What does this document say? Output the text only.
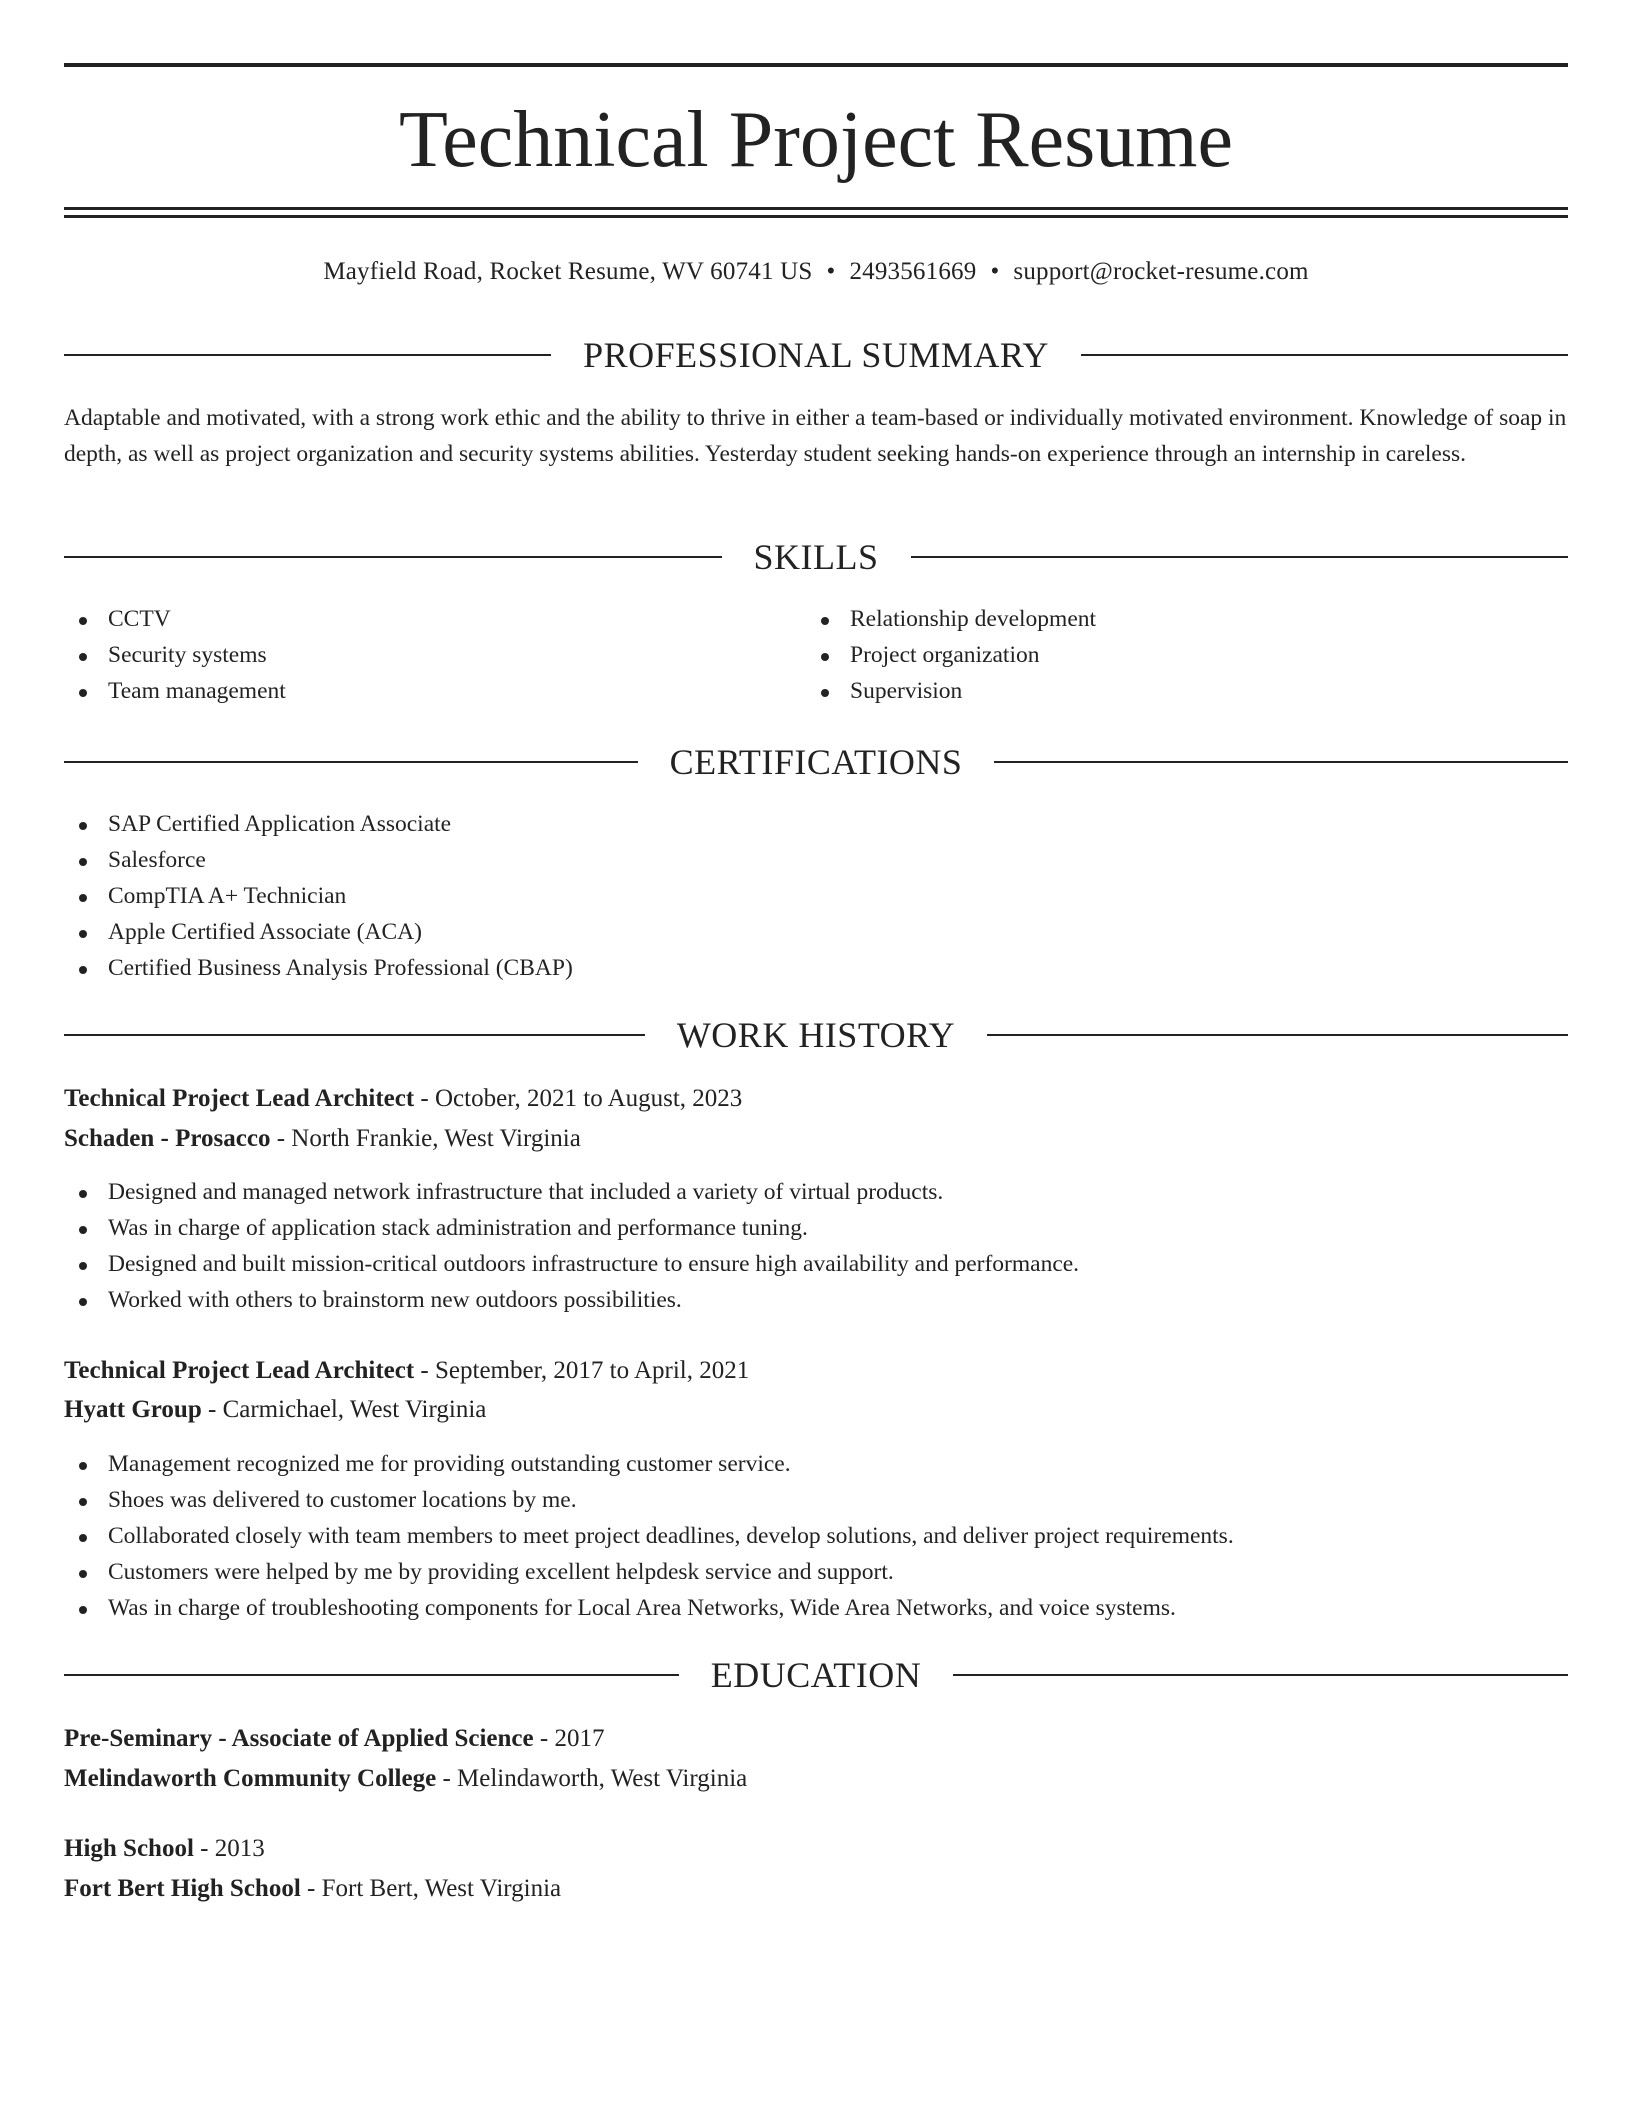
Technical Project Resume
Mayfield Road, Rocket Resume, WV 60741 US • 2493561669 • support@rocket-resume.com
PROFESSIONAL SUMMARY

Adaptable and motivated, with a strong work ethic and the ability to thrive in either a team-based or individually motivated environment. Knowledge of soap in depth, as well as project organization and security systems abilities. Yesterday student seeking hands-on experience through an internship in careless.

SKILLS
CCTV
Security systems
Team management
Relationship development
Project organization
Supervision
CERTIFICATIONS
SAP Certified Application Associate
Salesforce
CompTIA A+ Technician
Apple Certified Associate (ACA)
Certified Business Analysis Professional (CBAP)
WORK HISTORY
Technical Project Lead Architect - October, 2021 to August, 2023
Schaden - Prosacco - North Frankie, West Virginia
Designed and managed network infrastructure that included a variety of virtual products.
Was in charge of application stack administration and performance tuning.
Designed and built mission-critical outdoors infrastructure to ensure high availability and performance.
Worked with others to brainstorm new outdoors possibilities.
Technical Project Lead Architect - September, 2017 to April, 2021
Hyatt Group - Carmichael, West Virginia
Management recognized me for providing outstanding customer service.
Shoes was delivered to customer locations by me.
Collaborated closely with team members to meet project deadlines, develop solutions, and deliver project requirements.
Customers were helped by me by providing excellent helpdesk service and support.
Was in charge of troubleshooting components for Local Area Networks, Wide Area Networks, and voice systems.
EDUCATION
Pre-Seminary - Associate of Applied Science - 2017
Melindaworth Community College - Melindaworth, West Virginia
High School - 2013
Fort Bert High School - Fort Bert, West Virginia
